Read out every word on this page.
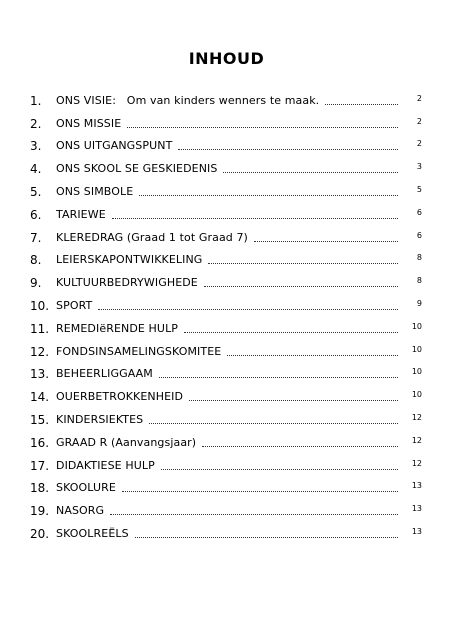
INHOUD
1.	ONS VISIE:   Om van kinders wenners te maak.	2
2.	ONS MISSIE	2
3.	ONS UITGANGSPUNT	2
4.	ONS SKOOL SE GESKIEDENIS	3
5.	ONS SIMBOLE	5
6.	TARIEWE	6
7.	KLEREDRAG (Graad 1 tot Graad 7)	6
8.	LEIERSKAPONTWIKKELING	8
9.	KULTUURBEDRYWIGHEDE	8
10. SPORT	9
11. REMEDIëRENDE HULP	10
12. FONDSINSAMELINGSKOMITEE	10
13. BEHEERLIGGAAM	10
14. OUERBETROKKENHEID	10
15. KINDERSIEKTES	12
16. GRAAD R (Aanvangsjaar)	12
17. DIDAKTIESE HULP	12
18. SKOOLURE	13
19. NASORG	13
20. SKOOLREËLS	13
